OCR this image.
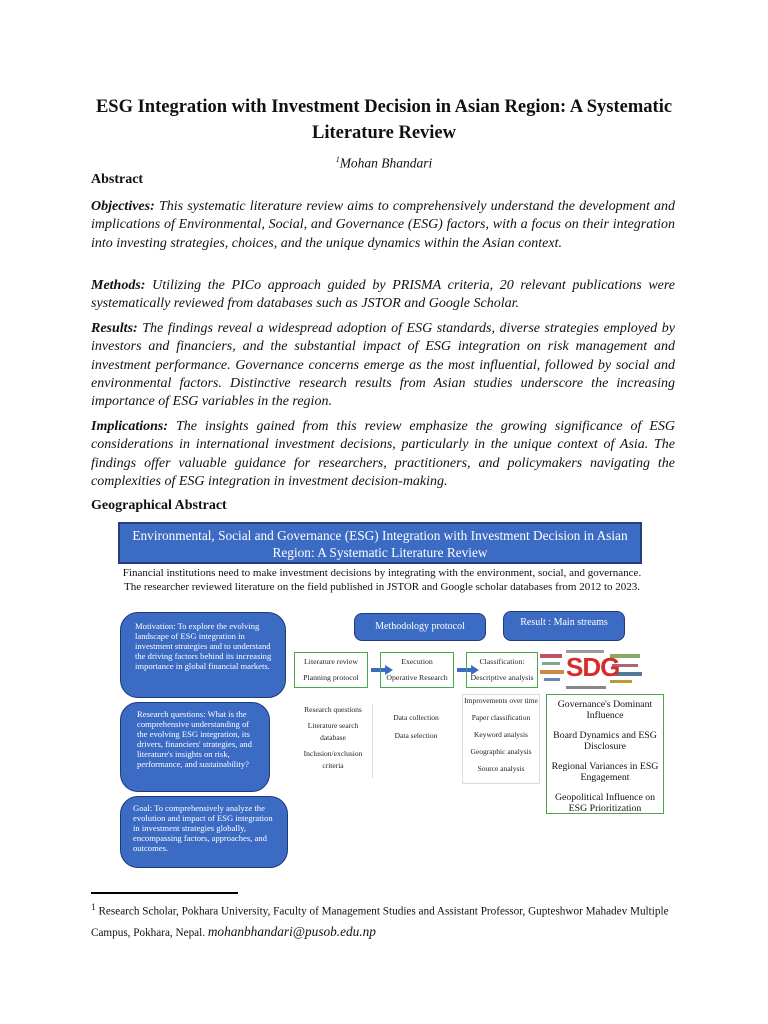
ESG Integration with Investment Decision in Asian Region: A Systematic Literature Review
$^1$Mohan Bhandari
Abstract
Objectives: This systematic literature review aims to comprehensively understand the development and implications of Environmental, Social, and Governance (ESG) factors, with a focus on their integration into investing strategies, choices, and the unique dynamics within the Asian context.
Methods: Utilizing the PICo approach guided by PRISMA criteria, 20 relevant publications were systematically reviewed from databases such as JSTOR and Google Scholar.
Results: The findings reveal a widespread adoption of ESG standards, diverse strategies employed by investors and financiers, and the substantial impact of ESG integration on risk management and investment performance. Governance concerns emerge as the most influential, followed by social and environmental factors. Distinctive research results from Asian studies underscore the increasing importance of ESG variables in the region.
Implications: The insights gained from this review emphasize the growing significance of ESG considerations in international investment decisions, particularly in the unique context of Asia. The findings offer valuable guidance for researchers, practitioners, and policymakers navigating the complexities of ESG integration in investment decision-making.
Geographical Abstract
Environmental, Social and Governance (ESG) Integration with Investment Decision in Asian Region: A Systematic Literature Review
Financial institutions need to make investment decisions by integrating with the environment, social, and governance. The researcher reviewed literature on the field published in JSTOR and Google scholar databases from 2012 to 2023.
Motivation: To explore the evolving landscape of ESG integration in investment strategies and to understand the driving factors behind its increasing importance in global financial markets.
Research questions: What is the comprehensive understanding of the evolving ESG integration, its drivers, financiers' strategies, and literature's insights on risk, performance, and sustainability?
Goal: To comprehensively analyze the evolution and impact of ESG integration in investment strategies globally, encompassing factors, approaches, and outcomes.
Methodology protocol	Result : Main streams
Literature review
Planning protocol
Execution
Operative Research
Classification:
Descriptive analysis
Research questions
Literature search database
Inclusion/exclusion criteria
Data collection
Data selection
Improvements over time
Paper classification
Keyword analysis
Geographic analysis
Source analysis
SDG
Governance's Dominant Influence
Board Dynamics and ESG Disclosure
Regional Variances in ESG Engagement
Geopolitical Influence on ESG Prioritization
$^1$ Research Scholar, Pokhara University, Faculty of Management Studies and Assistant Professor, Gupteshwor Mahadev Multiple Campus, Pokhara, Nepal. mohanbhandari@pusob.edu.np
